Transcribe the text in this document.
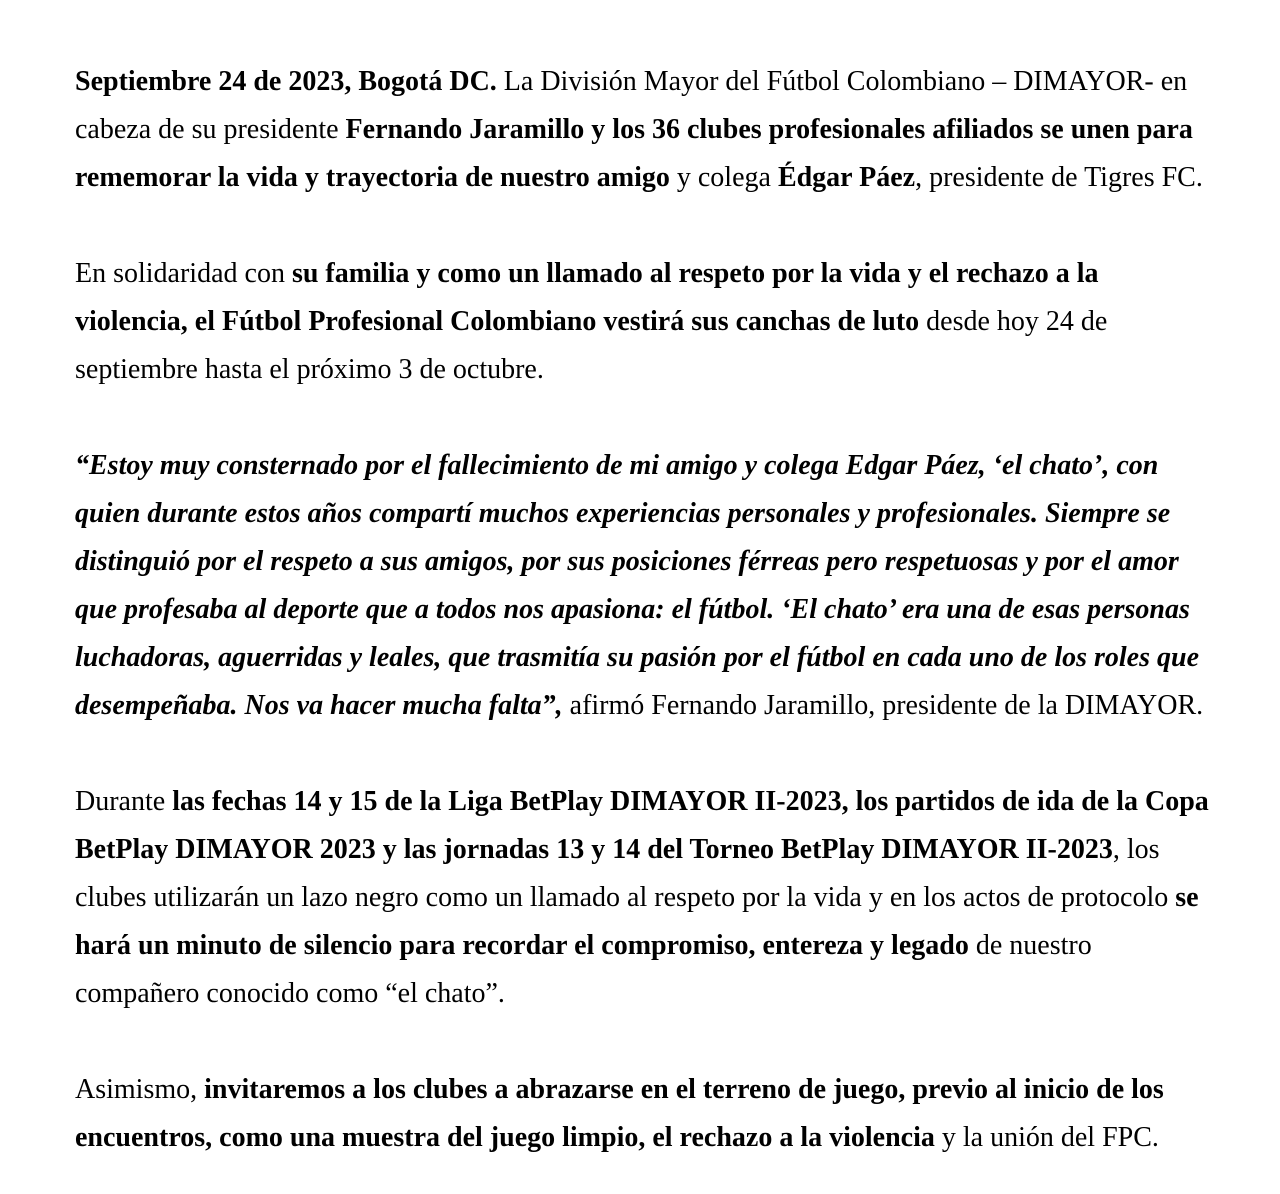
Septiembre 24 de 2023, Bogotá DC. La División Mayor del Fútbol Colombiano – DIMAYOR- en cabeza de su presidente Fernando Jaramillo y los 36 clubes profesionales afiliados se unen para rememorar la vida y trayectoria de nuestro amigo y colega Édgar Páez, presidente de Tigres FC.

En solidaridad con su familia y como un llamado al respeto por la vida y el rechazo a la violencia, el Fútbol Profesional Colombiano vestirá sus canchas de luto desde hoy 24 de septiembre hasta el próximo 3 de octubre.

“Estoy muy consternado por el fallecimiento de mi amigo y colega Edgar Páez, ‘el chato’, con quien durante estos años compartí muchos experiencias personales y profesionales. Siempre se distinguió por el respeto a sus amigos, por sus posiciones férreas pero respetuosas y por el amor que profesaba al deporte que a todos nos apasiona: el fútbol. ‘El chato’ era una de esas personas luchadoras, aguerridas y leales, que trasmitía su pasión por el fútbol en cada uno de los roles que desempeñaba. Nos va hacer mucha falta”, afirmó Fernando Jaramillo, presidente de la DIMAYOR.

Durante las fechas 14 y 15 de la Liga BetPlay DIMAYOR II-2023, los partidos de ida de la Copa BetPlay DIMAYOR 2023 y las jornadas 13 y 14 del Torneo BetPlay DIMAYOR II-2023, los clubes utilizarán un lazo negro como un llamado al respeto por la vida y en los actos de protocolo se hará un minuto de silencio para recordar el compromiso, entereza y legado de nuestro compañero conocido como “el chato”.

Asimismo, invitaremos a los clubes a abrazarse en el terreno de juego, previo al inicio de los encuentros, como una muestra del juego limpio, el rechazo a la violencia y la unión del FPC.
